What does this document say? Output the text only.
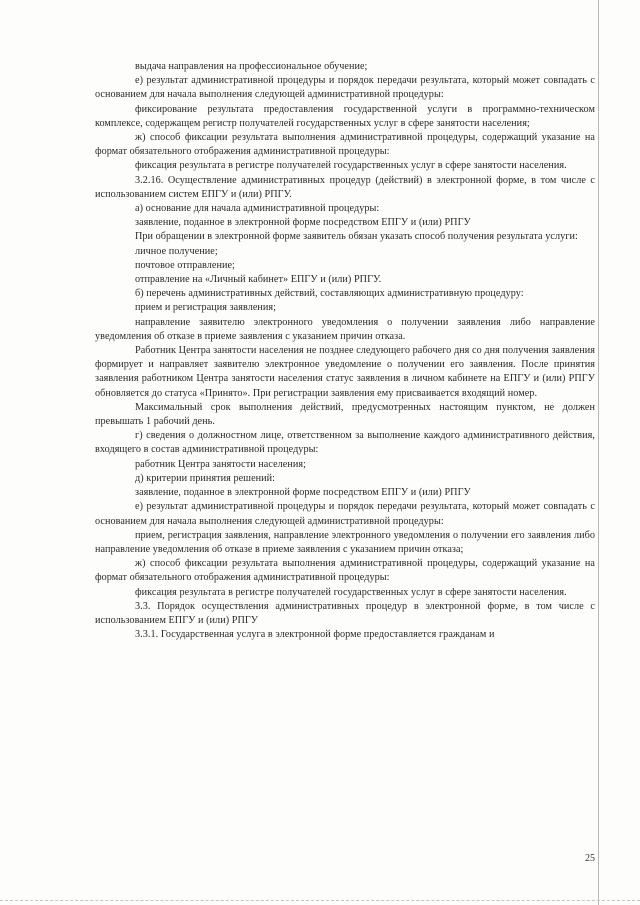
выдача направления на профессиональное обучение;

е) результат административной процедуры и порядок передачи результата, который может совпадать с основанием для начала выполнения следующей административной процедуры:

фиксирование результата предоставления государственной услуги в программно-техническом комплексе, содержащем регистр получателей государственных услуг в сфере занятости населения;

ж) способ фиксации результата выполнения административной процедуры, содержащий указание на формат обязательного отображения административной процедуры:

фиксация результата в регистре получателей государственных услуг в сфере занятости населения.

3.2.16. Осуществление административных процедур (действий) в электронной форме, в том числе с использованием систем ЕПГУ и (или) РПГУ.

а) основание для начала административной процедуры:

заявление, поданное в электронной форме посредством ЕПГУ и (или) РПГУ

При обращении в электронной форме заявитель обязан указать способ получения результата услуги:

личное получение;

почтовое отправление;

отправление на «Личный кабинет» ЕПГУ и (или) РПГУ.

б) перечень административных действий, составляющих административную процедуру:

прием и регистрация заявления;

направление заявителю электронного уведомления о получении заявления либо направление уведомления об отказе в приеме заявления с указанием причин отказа.

Работник Центра занятости населения не позднее следующего рабочего дня со дня получения заявления формирует и направляет заявителю электронное уведомление о получении его заявления. После принятия заявления работником Центра занятости населения статус заявления в личном кабинете на ЕПГУ и (или) РПГУ обновляется до статуса «Принято». При регистрации заявления ему присваивается входящий номер.

Максимальный срок выполнения действий, предусмотренных настоящим пунктом, не должен превышать 1 рабочий день.

г) сведения о должностном лице, ответственном за выполнение каждого административного действия, входящего в состав административной процедуры:

работник Центра занятости населения;

д) критерии принятия решений:

заявление, поданное в электронной форме посредством ЕПГУ и (или) РПГУ

е) результат административной процедуры и порядок передачи результата, который может совпадать с основанием для начала выполнения следующей административной процедуры:

прием, регистрация заявления, направление электронного уведомления о получении его заявления либо направление уведомления об отказе в приеме заявления с указанием причин отказа;

ж) способ фиксации результата выполнения административной процедуры, содержащий указание на формат обязательного отображения административной процедуры:

фиксация результата в регистре получателей государственных услуг в сфере занятости населения.

3.3. Порядок осуществления административных процедур в электронной форме, в том числе с использованием ЕПГУ и (или) РПГУ

3.3.1. Государственная услуга в электронной форме предоставляется гражданам и

25
